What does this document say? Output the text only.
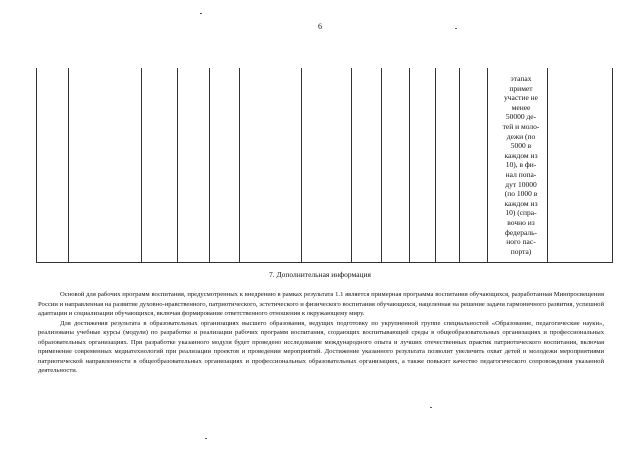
6
этапах
примет
участие не
менее
50000 де-
тей и моло-
дежи (по
5000 в
каждом из
10), в фи-
нал попа-
дут 10000
(по 1000 в
каждом из
10) (спра-
вочно из
федераль-
ного пас-
порта)
7. Дополнительная информация

Основой для рабочих программ воспитания, предусмотренных к внедрению в рамках результата 1.1 является примерная программа воспитания обучающихся, разработанная Минпросвещения России и направленная на развитие духовно-нравственного, патриотического, эстетического и физического воспитания обучающихся, нацеленная на решение задачи гармоничного развития, успешной адаптации и социализации обучающихся, включая формирование ответственного отношения к окружающему миру.

Для достижения результата в образовательных организациях высшего образования, ведущих подготовку по укрупненной группе специальностей «Образование, педагогические науки», реализованы учебные курсы (модули) по разработке и реализации рабочих программ воспитания, создающих воспитывающей среды в общеобразовательных организациях и профессиональных образовательных организациях. При разработке указанного модуля будет проведено исследование международного опыта и лучших отечественных практик патриотического воспитания, включая применение современных медиатехнологий при реализации проектов и проведении мероприятий. Достижение указанного результата позволит увеличить охват детей и молодежи мероприятиями патриотической направленности в общеобразовательных организациях и профессиональных образовательных организациях, а также повысит качество педагогического сопровождения указанной деятельности.
